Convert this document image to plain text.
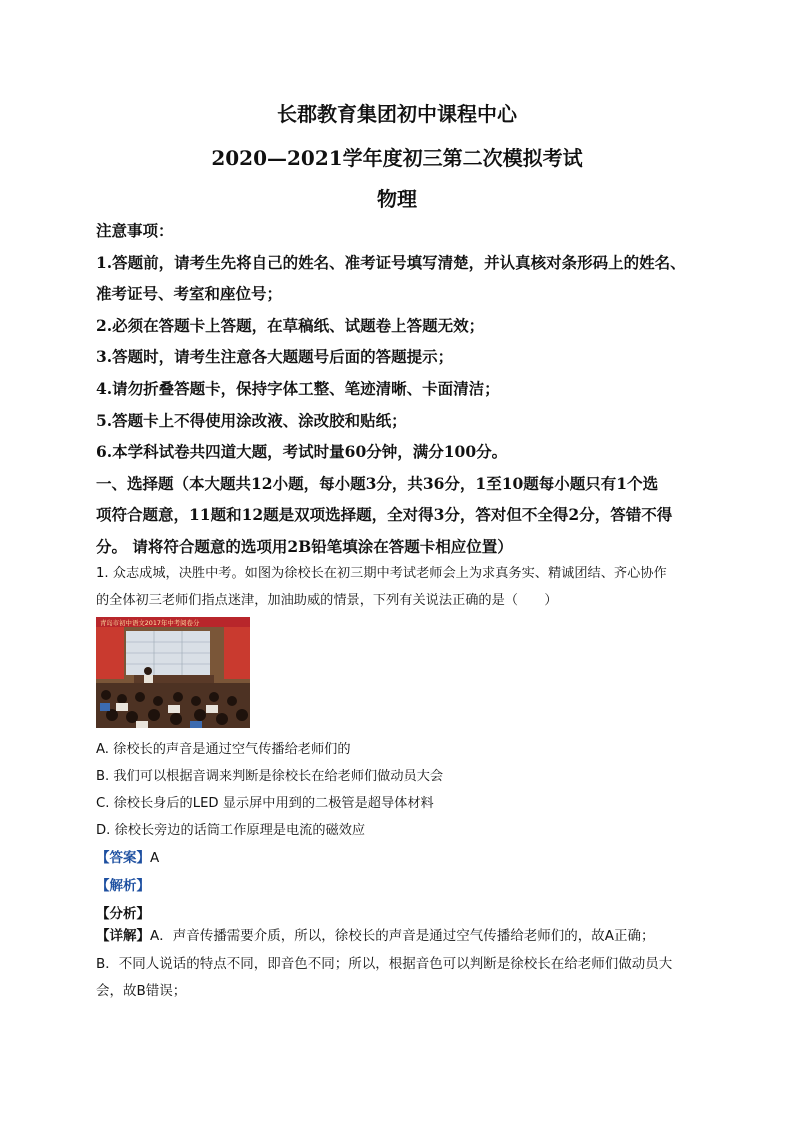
长郡教育集团初中课程中心
2020—2021学年度初三第二次模拟考试
物理
注意事项：
1.答题前，请考生先将自己的姓名、准考证号填写清楚，并认真核对条形码上的姓名、
准考证号、考室和座位号；
2.必须在答题卡上答题，在草稿纸、试题卷上答题无效；
3.答题时，请考生注意各大题题号后面的答题提示；
4.请勿折叠答题卡，保持字体工整、笔迹清晰、卡面清洁；
5.答题卡上不得使用涂改液、涂改胶和贴纸；
6.本学科试卷共四道大题，考试时量60分钟，满分100分。
一、选择题（本大题共12小题，每小题3分，共36分，1至10题每小题只有1个选
项符合题意，11题和12题是双项选择题，全对得3分，答对但不全得2分，答错不得
分。 请将符合题意的选项用2B铅笔填涂在答题卡相应位置）
1. 众志成城，决胜中考。如图为徐校长在初三期中考试老师会上为求真务实、精诚团结、齐心协作
的全体初三老师们指点迷津，加油助威的情景，下列有关说法正确的是（　　）
青岛市初中语文2017年中考阅卷分
A. 徐校长的声音是通过空气传播给老师们的
B. 我们可以根据音调来判断是徐校长在给老师们做动员大会
C. 徐校长身后的LED 显示屏中用到的二极管是超导体材料
D. 徐校长旁边的话筒工作原理是电流的磁效应
【答案】A
【解析】
【分析】
【详解】A．声音传播需要介质，所以，徐校长的声音是通过空气传播给老师们的，故A正确；
B．不同人说话的特点不同，即音色不同；所以，根据音色可以判断是徐校长在给老师们做动员大
会，故B错误；
